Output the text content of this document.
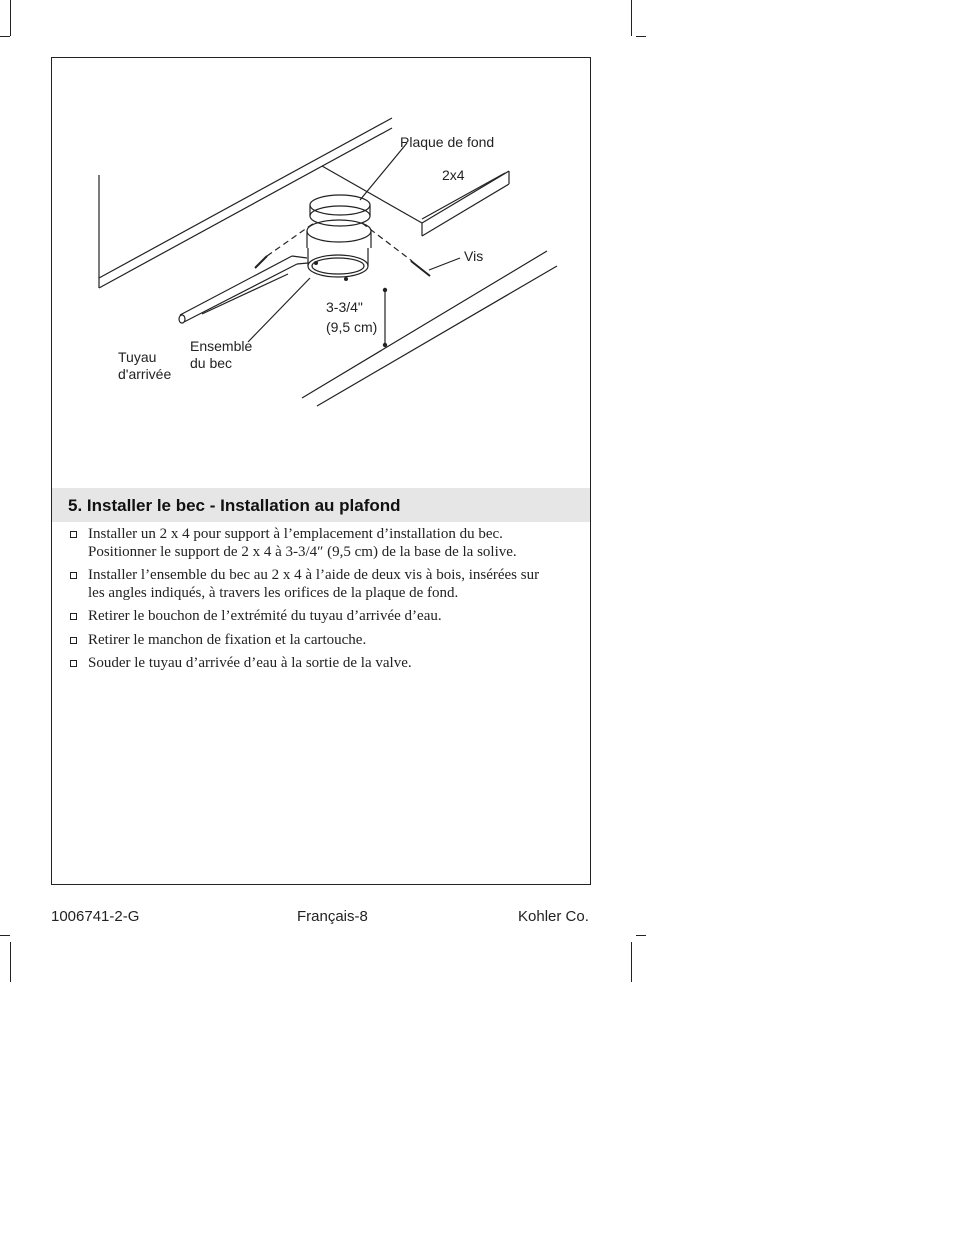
Plaque de fond
2x4
Vis
3-3/4"
(9,5 cm)
Ensemble
du bec
Tuyau
d'arrivée
5. Installer le bec - Installation au plafond
Installer un 2 x 4 pour support à l’emplacement d’installation du bec. Positionner le support de 2 x 4 à 3-3/4″ (9,5 cm) de la base de la solive.
Installer l’ensemble du bec au 2 x 4 à l’aide de deux vis à bois, insérées sur les angles indiqués, à travers les orifices de la plaque de fond.
Retirer le bouchon de l’extrémité du tuyau d’arrivée d’eau.
Retirer le manchon de fixation et la cartouche.
Souder le tuyau d’arrivée d’eau à la sortie de la valve.
1006741-2-G	Français-8	Kohler Co.
